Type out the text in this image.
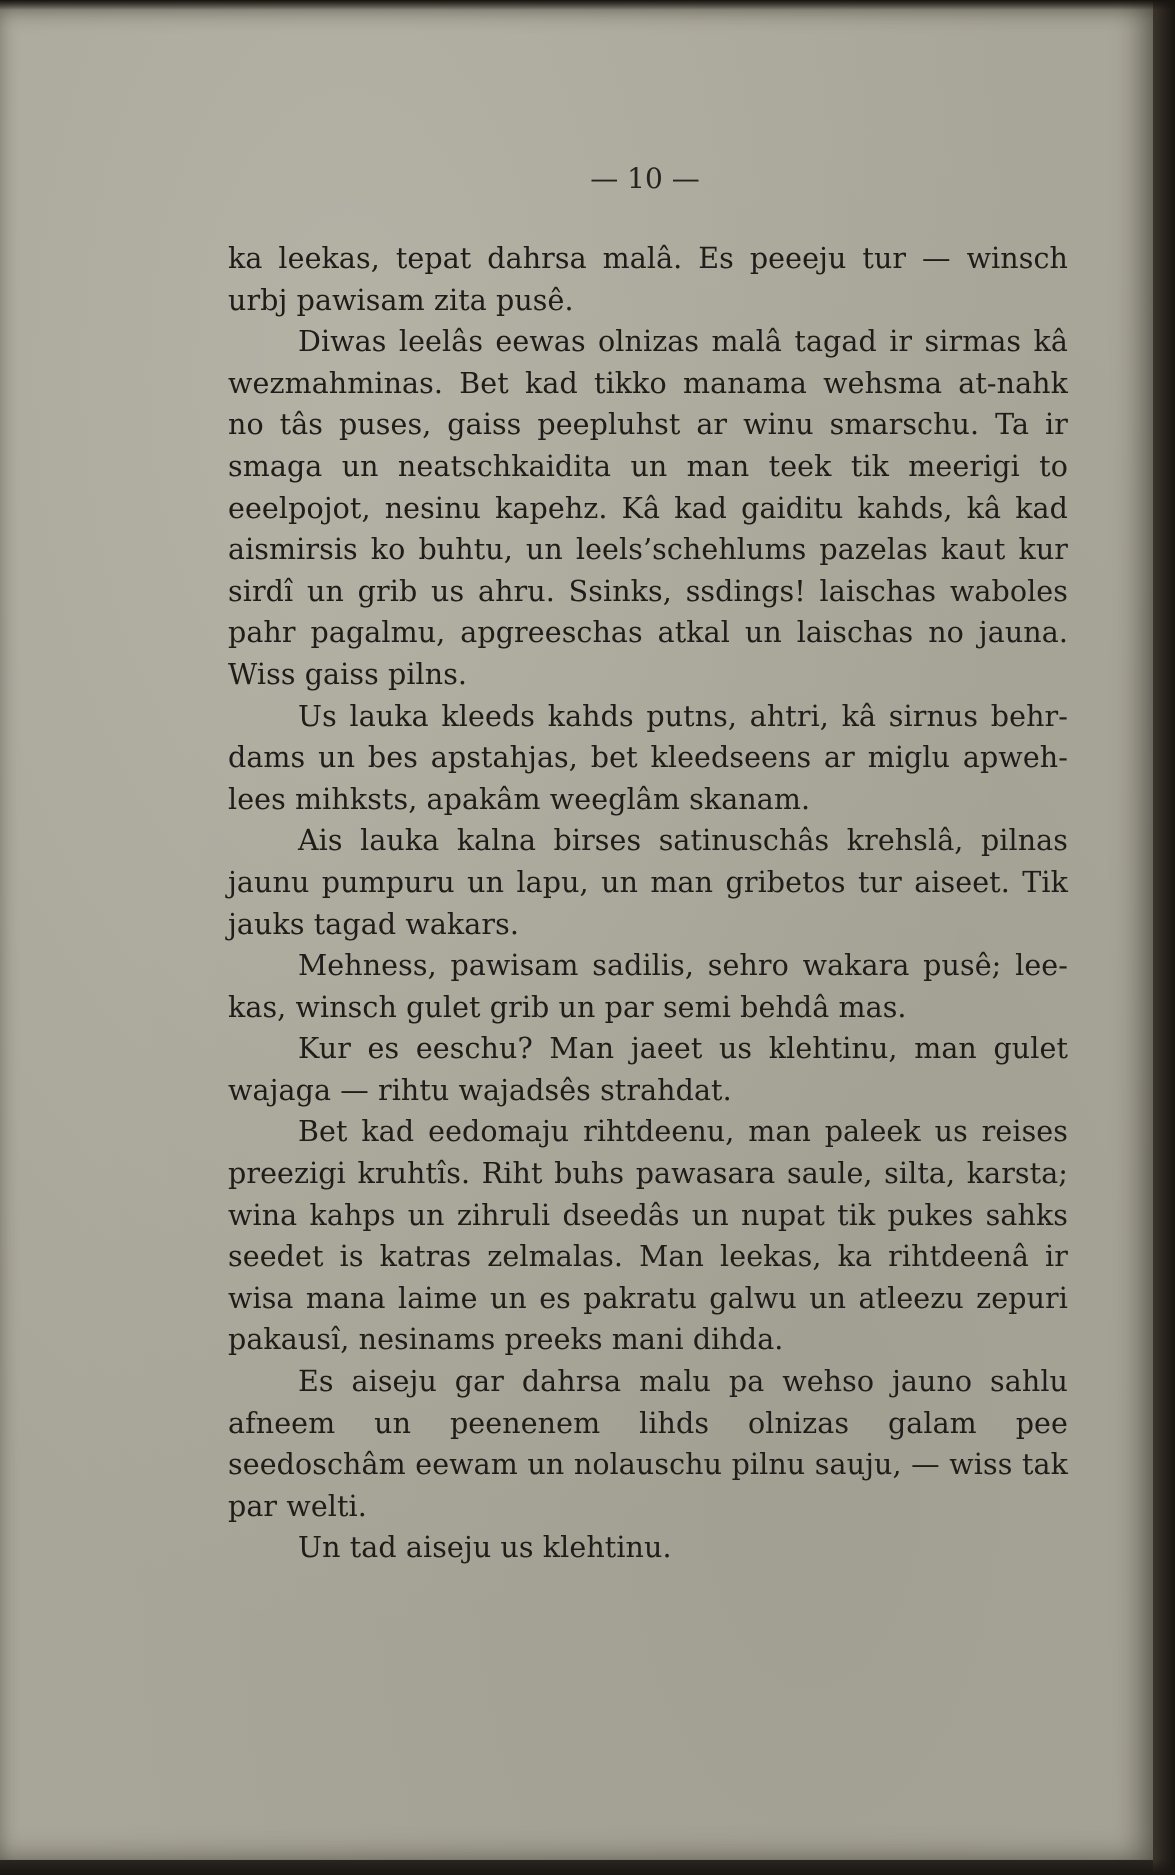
— 10 —

ka leekas, tepat dahrsa malâ. Es peeeju tur — winsch urbj pawisam zita pusê.

Diwas leelâs eewas olnizas malâ tagad ir sirmas kâ wezmahminas. Bet kad tikko manama wehsma at-nahk no tâs puses, gaiss peepluhst ar winu smarschu. Ta ir smaga un neatschkaidita un man teek tik meerigi to eeelpojot, nesinu kapehz. Kâ kad gaiditu kahds, kâ kad aismirsis ko buhtu, un leels’schehlums pazelas kaut kur sirdî un grib us ahru. Ssinks, ssdings! laischas waboles pahr pagalmu, apgreeschas atkal un laischas no jauna. Wiss gaiss pilns.

Us lauka kleeds kahds putns, ahtri, kâ sirnus behr-dams un bes apstahjas, bet kleedseens ar miglu apweh-lees mihksts, apakâm weeglâm skanam.

Ais lauka kalna birses satinuschâs krehslâ, pilnas jaunu pumpuru un lapu, un man gribetos tur aiseet. Tik jauks tagad wakars.

Mehness, pawisam sadilis, sehro wakara pusê; lee-kas, winsch gulet grib un par semi behdâ mas.

Kur es eeschu? Man jaeet us klehtinu, man gulet wajaga — rihtu wajadsês strahdat.

Bet kad eedomaju rihtdeenu, man paleek us reises preezigi kruhtîs. Riht buhs pawasara saule, silta, karsta; wina kahps un zihruli dseedâs un nupat tik pukes sahks seedet is katras zelmalas. Man leekas, ka rihtdeenâ ir wisa mana laime un es pakratu galwu un atleezu zepuri pakausî, nesinams preeks mani dihda.

Es aiseju gar dahrsa malu pa wehso jauno sahlu afneem un peenenem lihds olnizas galam pee seedoschâm eewam un nolauschu pilnu sauju, — wiss tak par welti.

Un tad aiseju us klehtinu.
